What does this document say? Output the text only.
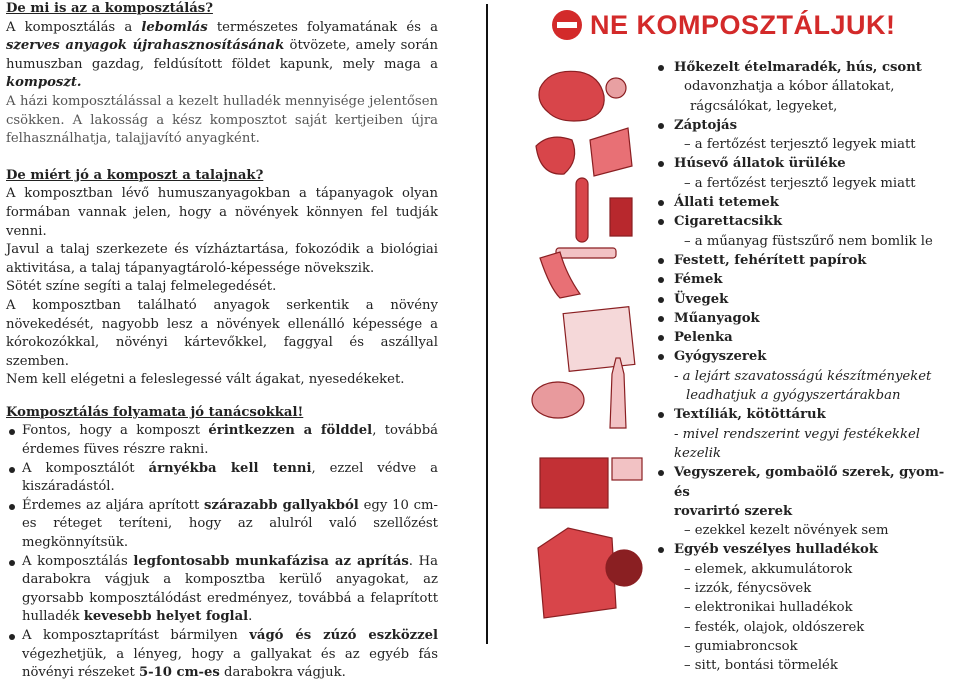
De mi is az a komposztálás?

A komposztálás a lebomlás természetes folyamatának és a szerves anyagok újrahasznosításának ötvözete, amely során humuszban gazdag, feldúsított földet kapunk, mely maga a komposzt.

A házi komposztálással a kezelt hulladék mennyisége jelentősen csökken. A lakosság a kész komposztot saját kertjeiben újra felhasználhatja, talajjavító anyagként.

De miért jó a komposzt a talajnak?

A komposztban lévő humuszanyagokban a tápanyagok olyan formában vannak jelen, hogy a növények könnyen fel tudják venni.

Javul a talaj szerkezete és vízháztartása, fokozódik a biológiai aktivitása, a talaj tápanyagtároló-képessége növekszik.

Sötét színe segíti a talaj felmelegedését.

A komposztban található anyagok serkentik a növény növekedését, nagyobb lesz a növények ellenálló képessége a kórokozókkal, növényi kártevőkkel, faggyal és aszállyal szemben.

Nem kell elégetni a feleslegessé vált ágakat, nyesedékeket.

Komposztálás folyamata jó tanácsokkal!

Fontos, hogy a komposzt érintkezzen a földdel, továbbá érdemes füves részre rakni.
A komposztálót árnyékba kell tenni, ezzel védve a kiszáradástól.
Érdemes az aljára aprított szárazabb gallyakból egy 10 cm-es réteget teríteni, hogy az alulról való szellőzést megkönnyítsük.
A komposztálás legfontosabb munkafázisa az aprítás. Ha darabokra vágjuk a komposztba kerülő anyagokat, az gyorsabb komposztálódást eredményez, továbbá a felaprított hulladék kevesebb helyet foglal.
A komposztaprítást bármilyen vágó és zúzó eszközzel végezhetjük, a lényeg, hogy a gallyakat és az egyéb fás növényi részeket 5-10 cm-es darabokra vágjuk.
NE KOMPOSZTÁLJUK!
Hőkezelt ételmaradék, hús, csont
odavonzhatja a kóbor állatokat,
rágcsálókat, legyeket,
Záptojás
– a fertőzést terjesztő legyek miatt
Húsevő állatok ürüléke
– a fertőzést terjesztő legyek miatt
Állati tetemek
Cigarettacsikk
– a műanyag füstszűrő nem bomlik le
Festett, fehérített papírok
Fémek
Üvegek
Műanyagok
Pelenka
Gyógyszerek
- a lejárt szavatosságú készítményeket
leadhatjuk a gyógyszertárakban
Textíliák, kötöttáruk
- mivel rendszerint vegyi festékekkel kezelik
Vegyszerek, gombaölő szerek, gyom- és
rovarirtó szerek
– ezekkel kezelt növények sem
Egyéb veszélyes hulladékok
– elemek, akkumulátorok
– izzók, fénycsövek
– elektronikai hulladékok
– festék, olajok, oldószerek
– gumiabroncsok
– sitt, bontási törmelék
